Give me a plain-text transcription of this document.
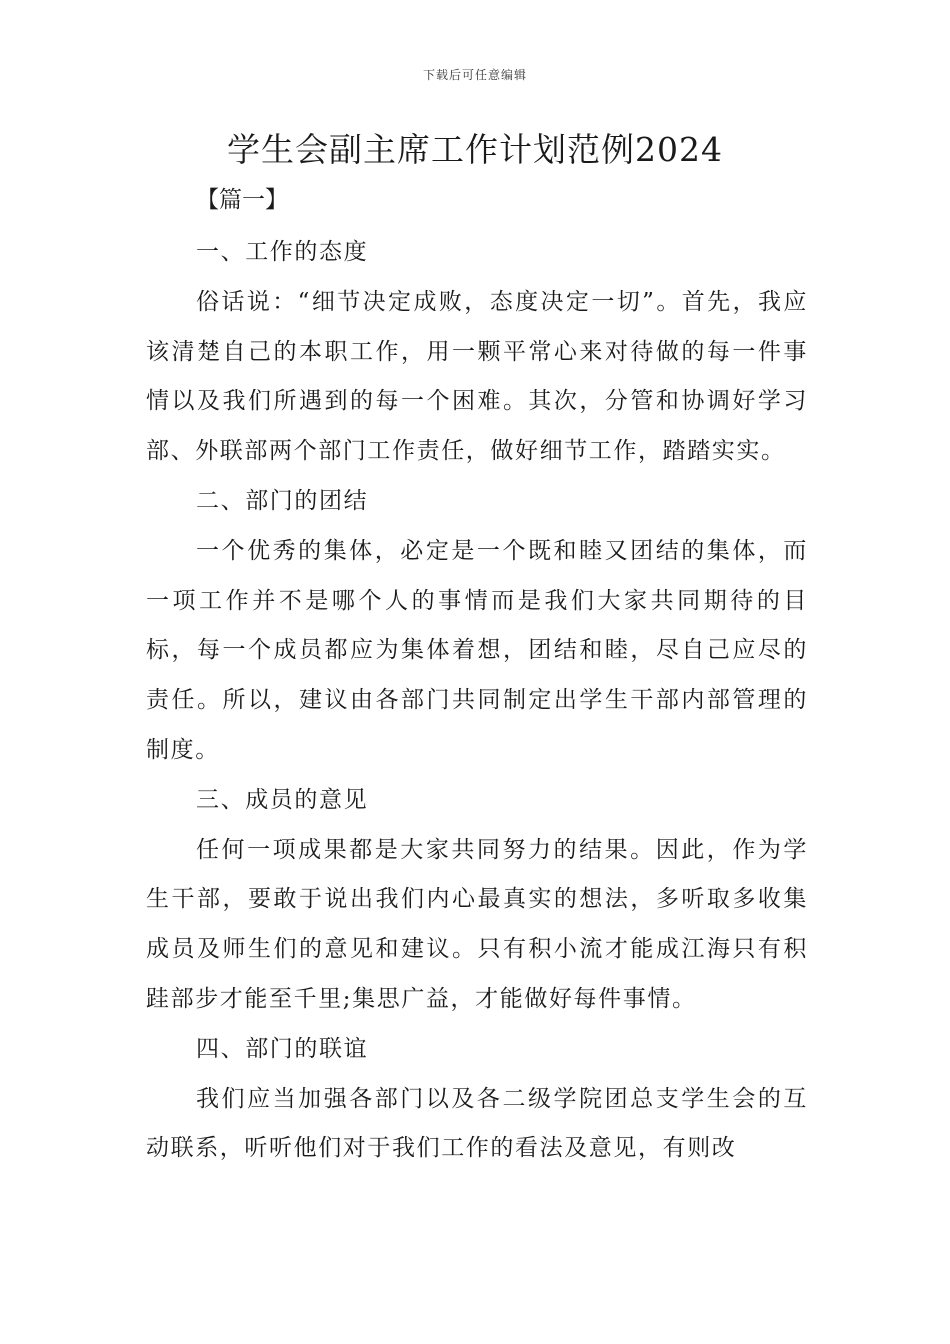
下载后可任意编辑
学生会副主席工作计划范例2024
【篇一】

一、工作的态度

俗话说：“细节决定成败，态度决定一切”。首先，我应该清楚自己的本职工作，用一颗平常心来对待做的每一件事情以及我们所遇到的每一个困难。其次，分管和协调好学习部、外联部两个部门工作责任，做好细节工作，踏踏实实。

二、部门的团结

一个优秀的集体，必定是一个既和睦又团结的集体，而一项工作并不是哪个人的事情而是我们大家共同期待的目标，每一个成员都应为集体着想，团结和睦，尽自己应尽的责任。所以，建议由各部门共同制定出学生干部内部管理的制度。

三、成员的意见

任何一项成果都是大家共同努力的结果。因此，作为学生干部，要敢于说出我们内心最真实的想法，多听取多收集成员及师生们的意见和建议。只有积小流才能成江海只有积跬部步才能至千里;集思广益，才能做好每件事情。

四、部门的联谊

我们应当加强各部门以及各二级学院团总支学生会的互动联系，听听他们对于我们工作的看法及意见，有则改
